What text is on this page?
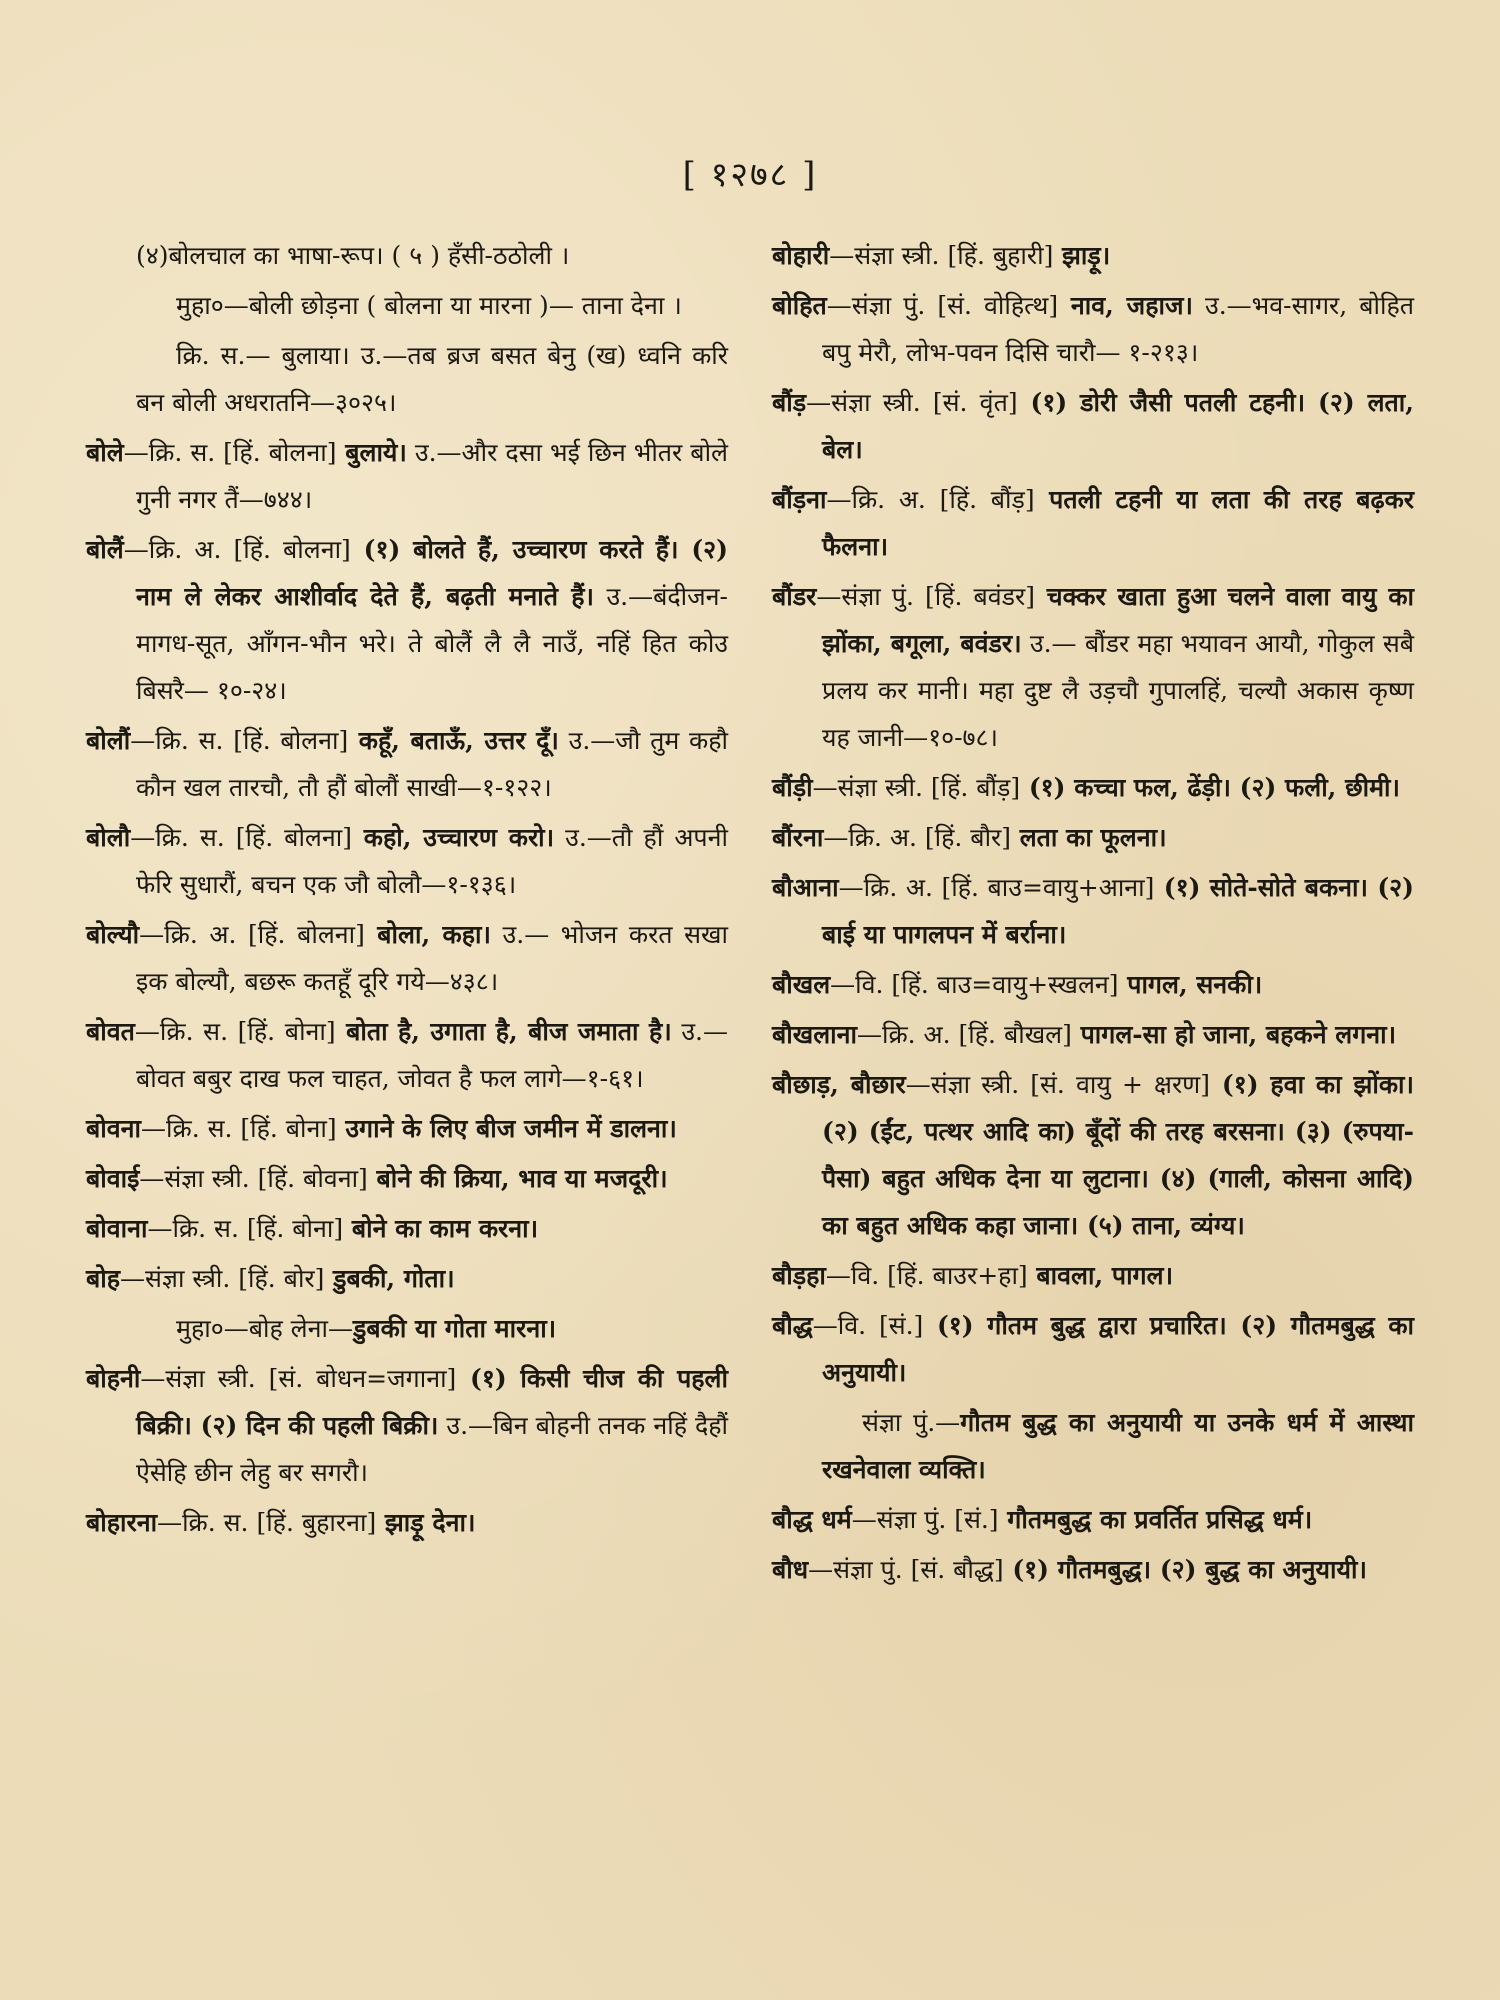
[ १२७८ ]

(४)बोलचाल का भाषा-रूप। ( ५ ) हँसी-ठठोली ।

मुहा०—बोली छोड़ना ( बोलना या मारना )— ताना देना ।

क्रि. स.— बुलाया। उ.—तब ब्रज बसत बेनु (ख) ध्वनि करि बन बोली अधरातनि—३०२५।

बोले—क्रि. स. [हिं. बोलना] बुलाये। उ.—और दसा भई छिन भीतर बोले गुनी नगर तैं—७४४।

बोलैं—क्रि. अ. [हिं. बोलना] (१) बोलते हैं, उच्चारण करते हैं। (२) नाम ले लेकर आशीर्वाद देते हैं, बढ़ती मनाते हैं। उ.—बंदीजन-मागध-सूत, आँगन-भौन भरे। ते बोलैं लै लै नाउँ, नहिं हित कोउ बिसरै— १०-२४।

बोलौं—क्रि. स. [हिं. बोलना] कहूँ, बताऊँ, उत्तर दूँ। उ.—जौ तुम कहौ कौन खल तारचौ, तौ हौं बोलौं साखी—१-१२२।

बोलौ—क्रि. स. [हिं. बोलना] कहो, उच्चारण करो। उ.—तौ हौं अपनी फेरि सुधारौं, बचन एक जौ बोलौ—१-१३६।

बोल्यौ—क्रि. अ. [हिं. बोलना] बोला, कहा। उ.— भोजन करत सखा इक बोल्यौ, बछरू कतहूँ दूरि गये—४३८।

बोवत—क्रि. स. [हिं. बोना] बोता है, उगाता है, बीज जमाता है। उ.—बोवत बबुर दाख फल चाहत, जोवत है फल लागे—१-६१।

बोवना—क्रि. स. [हिं. बोना] उगाने के लिए बीज जमीन में डालना।

बोवाई—संज्ञा स्त्री. [हिं. बोवना] बोने की क्रिया, भाव या मजदूरी।

बोवाना—क्रि. स. [हिं. बोना] बोने का काम करना।

बोह—संज्ञा स्त्री. [हिं. बोर] डुबकी, गोता।

मुहा०—बोह लेना—डुबकी या गोता मारना।

बोहनी—संज्ञा स्त्री. [सं. बोधन=जगाना] (१) किसी चीज की पहली बिक्री। (२) दिन की पहली बिक्री। उ.—बिन बोहनी तनक नहिं दैहौं ऐसेहि छीन लेहु बर सगरौ।

बोहारना—क्रि. स. [हिं. बुहारना] झाड़ू देना।

बोहारी—संज्ञा स्त्री. [हिं. बुहारी] झाड़ू।

बोहित—संज्ञा पुं. [सं. वोहित्थ] नाव, जहाज। उ.—भव-सागर, बोहित बपु मेरौ, लोभ-पवन दिसि चारौ— १-२१३।

बौंड़—संज्ञा स्त्री. [सं. वृंत] (१) डोरी जैसी पतली टहनी। (२) लता, बेल।

बौंड़ना—क्रि. अ. [हिं. बौंड़] पतली टहनी या लता की तरह बढ़कर फैलना।

बौंडर—संज्ञा पुं. [हिं. बवंडर] चक्कर खाता हुआ चलने वाला वायु का झोंका, बगूला, बवंडर। उ.— बौंडर महा भयावन आयौ, गोकुल सबै प्रलय कर मानी। महा दुष्ट लै उड़चौ गुपालहिं, चल्यौ अकास कृष्ण यह जानी—१०-७८।

बौंड़ी—संज्ञा स्त्री. [हिं. बौंड़] (१) कच्चा फल, ढेंड़ी। (२) फली, छीमी।

बौंरना—क्रि. अ. [हिं. बौर] लता का फूलना।

बौआना—क्रि. अ. [हिं. बाउ=वायु+आना] (१) सोते-सोते बकना। (२) बाई या पागलपन में बर्राना।

बौखल—वि. [हिं. बाउ=वायु+स्खलन] पागल, सनकी।

बौखलाना—क्रि. अ. [हिं. बौखल] पागल-सा हो जाना, बहकने लगना।

बौछाड़, बौछार—संज्ञा स्त्री. [सं. वायु + क्षरण] (१) हवा का झोंका। (२) (ईंट, पत्थर आदि का) बूँदों की तरह बरसना। (३) (रुपया-पैसा) बहुत अधिक देना या लुटाना। (४) (गाली, कोसना आदि) का बहुत अधिक कहा जाना। (५) ताना, व्यंग्य।

बौड़हा—वि. [हिं. बाउर+हा] बावला, पागल।

बौद्ध—वि. [सं.] (१) गौतम बुद्ध द्वारा प्रचारित। (२) गौतमबुद्ध का अनुयायी।

संज्ञा पुं.—गौतम बुद्ध का अनुयायी या उनके धर्म में आस्था रखनेवाला व्यक्ति।

बौद्ध धर्म—संज्ञा पुं. [सं.] गौतमबुद्ध का प्रवर्तित प्रसिद्ध धर्म।

बौध—संज्ञा पुं. [सं. बौद्ध] (१) गौतमबुद्ध। (२) बुद्ध का अनुयायी।
